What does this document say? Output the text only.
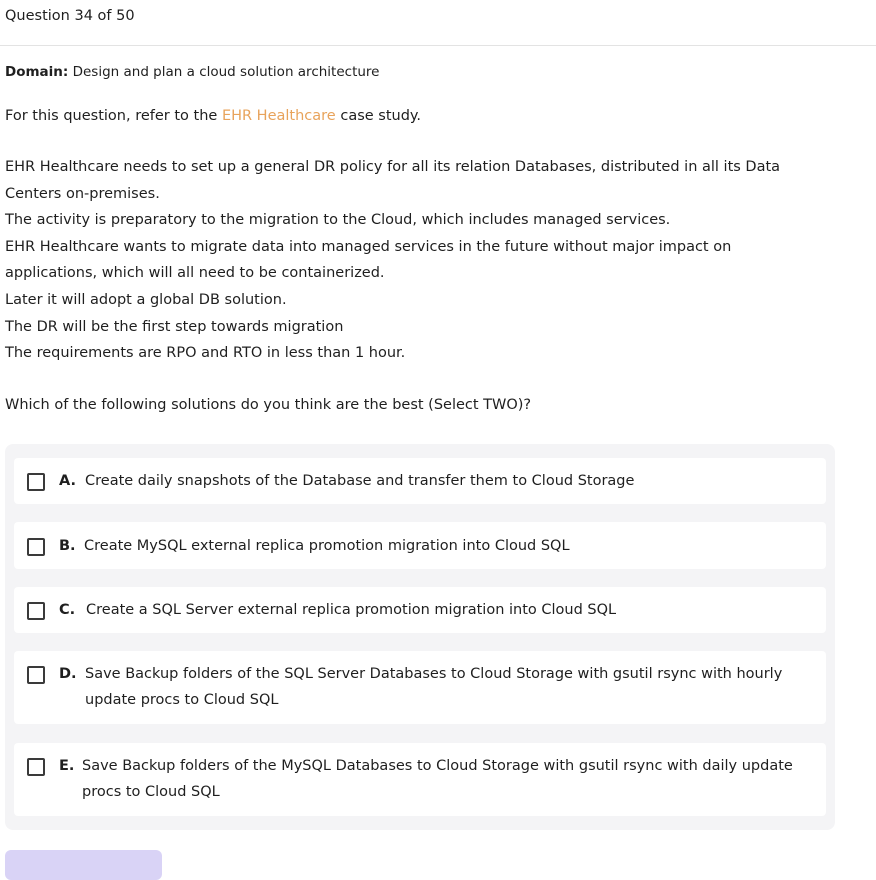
Question 34 of 50
Domain: Design and plan a cloud solution architecture
For this question, refer to the EHR Healthcare case study.

EHR Healthcare needs to set up a general DR policy for all its relation Databases, distributed in all its Data Centers on-premises.

The activity is preparatory to the migration to the Cloud, which includes managed services.

EHR Healthcare wants to migrate data into managed services in the future without major impact on applications, which will all need to be containerized.

Later it will adopt a global DB solution.

The DR will be the first step towards migration

The requirements are RPO and RTO in less than 1 hour.

Which of the following solutions do you think are the best (Select TWO)?
A. Create daily snapshots of the Database and transfer them to Cloud Storage
B. Create MySQL external replica promotion migration into Cloud SQL
C. Create a SQL Server external replica promotion migration into Cloud SQL
D. Save Backup folders of the SQL Server Databases to Cloud Storage with gsutil rsync with hourly update procs to Cloud SQL
E. Save Backup folders of the MySQL Databases to Cloud Storage with gsutil rsync with daily update procs to Cloud SQL
